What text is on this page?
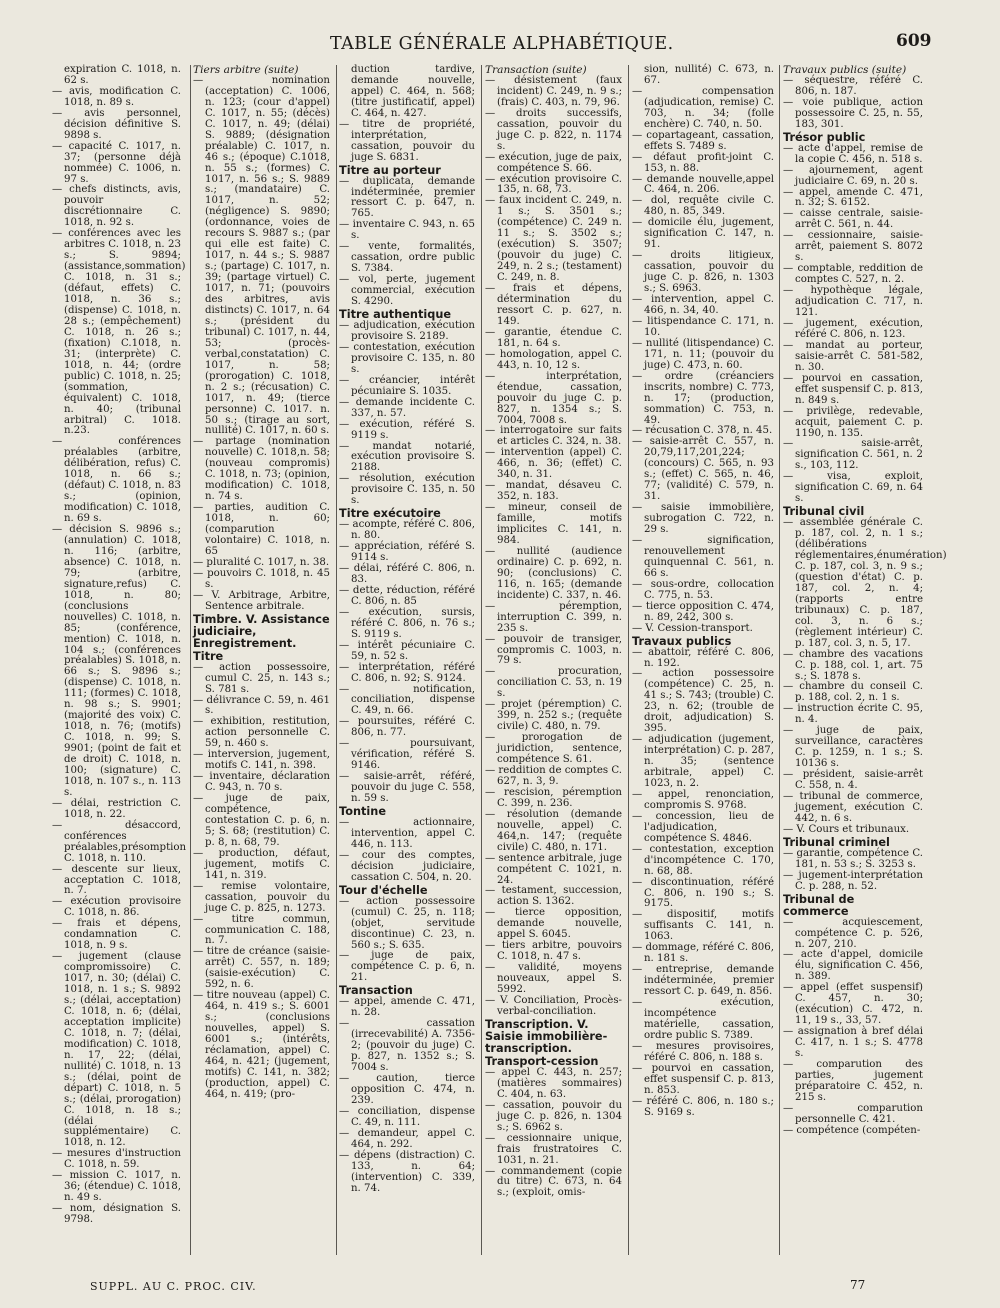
TABLE GÉNÉRALE ALPHABÉTIQUE.	609

expiration C. 1018, n. 62 s.

— avis, modification C. 1018, n. 89 s.

— avis personnel, décision définitive S. 9898 s.

— capacité C. 1017, n. 37; (personne déjà nommée) C. 1006, n. 97 s.

— chefs distincts, avis, pouvoir discrétionnaire C. 1018, n. 92 s.

— conférences avec les arbitres C. 1018, n. 23 s.; S. 9894; (assistance,sommation) C. 1018, n. 31 s.; (défaut, effets) C. 1018, n. 36 s.; (dispense) C. 1018, n. 28 s.; (empêchement) C. 1018, n. 26 s.; (fixation) C.1018, n. 31; (interprète) C. 1018, n. 44; (ordre public) C. 1018, n. 25; (sommation, équivalent) C. 1018, n. 40; (tribunal arbitral) C. 1018. n.23.

— conférences préalables (arbitre, délibération, refus) C. 1018, n. 66 s.; (défaut) C. 1018, n. 83 s.; (opinion, modification) C. 1018, n. 69 s.

— décision S. 9896 s.; (annulation) C. 1018, n. 116; (arbitre, absence) C. 1018, n. 79; (arbitre, signature,refus) C. 1018, n. 80; (conclusions nouvelles) C. 1018, n. 85; (conférence, mention) C. 1018, n. 104 s.; (conférences préalables) S. 1018, n. 66 s.; S. 9896 s.; (dispense) C. 1018, n. 111; (formes) C. 1018, n. 98 s.; S. 9901; (majorité des voix) C. 1018, n. 76; (motifs) C. 1018, n. 99; S. 9901; (point de fait et de droit) C. 1018, n. 100; (signature) C. 1018, n. 107 s., n. 113 s.

— délai, restriction C. 1018, n. 22.

— désaccord, conférences préalables,présomption C. 1018, n. 110.

— descente sur lieux, acceptation C. 1018, n. 7.

— exécution provisoire C. 1018, n. 86.

— frais et dépens, condamnation C. 1018, n. 9 s.

— jugement (clause compromissoire) C. 1017, n. 30; (délai) C. 1018, n. 1 s.; S. 9892 s.; (délai, acceptation) C. 1018, n. 6; (délai, acceptation implicite) C. 1018, n. 7; (délai, modification) C. 1018, n. 17, 22; (délai, nullité) C. 1018, n. 13 s.; (délai, point de départ) C. 1018, n. 5 s.; (délai, prorogation) C. 1018, n. 18 s.; (délai supplémentaire) C. 1018, n. 12.

— mesures d'instruction C. 1018, n. 59.

— mission C. 1017, n. 36; (étendue) C. 1018, n. 49 s.

— nom, désignation S. 9798.

Tiers arbitre (suite)

— nomination (acceptation) C. 1006, n. 123; (cour d'appel) C. 1017, n. 55; (décès) C. 1017, n. 49; (délai) S. 9889; (désignation préalable) C. 1017, n. 46 s.; (époque) C.1018, n. 55 s.; (formes) C. 1017, n. 56 s.; S. 9889 s.; (mandataire) C. 1017, n. 52; (négligence) S. 9890; (ordonnance, voies de recours S. 9887 s.; (par qui elle est faite) C. 1017, n. 44 s.; S. 9887 s.; (partage) C. 1017, n. 39; (partage virtuel) C. 1017, n. 71; (pouvoirs des arbitres, avis distincts) C. 1017, n. 64 s.; (président du tribunal) C. 1017, n. 44, 53; (procès-verbal,constatation) C. 1017, n. 58; (prorogation) C. 1018, n. 2 s.; (récusation) C. 1017, n. 49; (tierce personne) C. 1017. n. 50 s.; (tirage au sort, nullité) C. 1017, n. 60 s.

— partage (nomination nouvelle) C. 1018,n. 58; (nouveau compromis) C. 1018, n. 73; (opinion, modification) C. 1018, n. 74 s.

— parties, audition C. 1018, n. 60; (comparution volontaire) C. 1018, n. 65

— pluralité C. 1017, n. 38.

— pouvoirs C. 1018, n. 45 s.

— V. Arbitrage, Arbitre, Sentence arbitrale.

Timbre. V. Assistance judiciaire, Enregistrement.

Titre

— action possessoire, cumul C. 25, n. 143 s.; S. 781 s.

— délivrance C. 59, n. 461 s.

— exhibition, restitution, action personnelle C. 59, n. 460 s.

— interversion, jugement, motifs C. 141, n. 398.

— inventaire, déclaration C. 943, n. 70 s.

— juge de paix, compétence, contestation C. p. 6, n. 5; S. 68; (restitution) C. p. 8, n. 68, 79.

— production, défaut, jugement, motifs C. 141, n. 319.

— remise volontaire, cassation, pouvoir du juge C. p. 825, n. 1273.

— titre commun, communication C. 188, n. 7.

— titre de créance (saisie-arrêt) C. 557, n. 189; (saisie-exécution) C. 592, n. 6.

— titre nouveau (appel) C. 464, n. 419 s.; S. 6001 s.; (conclusions nouvelles, appel) S. 6001 s.; (intérêts, réclamation, appel) C. 464, n. 421; (jugement, motifs) C. 141, n. 382; (production, appel) C. 464, n. 419; (pro-

duction tardive, demande nouvelle, appel) C. 464, n. 568; (titre justificatif, appel) C. 464, n. 427.

— titre de propriété, interprétation, cassation, pouvoir du juge S. 6831.

Titre au porteur

— duplicata, demande indéterminée, premier ressort C. p. 647, n. 765.

— inventaire C. 943, n. 65 s.

— vente, formalités, cassation, ordre public S. 7384.

— vol, perte, jugement commercial, exécution S. 4290.

Titre authentique

— adjudication, exécution provisoire S. 2189.

— contestation, exécution provisoire C. 135, n. 80 s.

— créancier, intérêt pécuniaire S. 1035.

— demande incidente C. 337, n. 57.

— exécution, référé S. 9119 s.

— mandat notarié, exécution provisoire S. 2188.

— résolution, exécution provisoire C. 135, n. 50 s.

Titre exécutoire

— acompte, référé C. 806, n. 80.

— appréciation, référé S. 9114 s.

— délai, référé C. 806, n. 83.

— dette, réduction, référé C. 806, n. 85

— exécution, sursis, référé C. 806, n. 76 s.; S. 9119 s.

— intérêt pécuniaire C. 59, n. 52 s.

— interprétation, référé C. 806, n. 92; S. 9124.

— notification, conciliation, dispense C. 49, n. 66.

— poursuites, référé C. 806, n. 77.

— poursuivant, vérification, référé S. 9146.

— saisie-arrêt, référé, pouvoir du juge C. 558, n. 59 s.

Tontine

— actionnaire, intervention, appel C. 446, n. 113.

— cour des comptes, décision judiciaire, cassation C. 504, n. 20.

Tour d'échelle

— action possessoire (cumul) C. 25, n. 118; (objet, servitude discontinue) C. 23, n. 560 s.; S. 635.

— juge de paix, compétence C. p. 6, n. 21.

Transaction

— appel, amende C. 471, n. 28.

— cassation (irrecevabilité) A. 7356-2; (pouvoir du juge) C. p. 827, n. 1352 s.; S. 7004 s.

— caution, tierce opposition C. 474, n. 239.

— conciliation, dispense C. 49, n. 111.

— demandeur, appel C. 464, n. 292.

— dépens (distraction) C. 133, n. 64; (intervention) C. 339, n. 74.

Transaction (suite)

— désistement (faux incident) C. 249, n. 9 s.; (frais) C. 403, n. 79, 96.

— droits successifs, cassation, pouvoir du juge C. p. 822, n. 1174 s.

— exécution, juge de paix, compétence S. 66.

— exécution provisoire C. 135, n. 68, 73.

— faux incident C. 249, n. 1 s.; S. 3501 s.; (compétence) C. 249 n. 11 s.; S. 3502 s.; (exécution) S. 3507; (pouvoir du juge) C. 249, n. 2 s.; (testament) C. 249, n. 8.

— frais et dépens, détermination du ressort C. p. 627, n. 149.

— garantie, étendue C. 181, n. 64 s.

— homologation, appel C. 443, n. 10, 12 s.

— interprétation, étendue, cassation, pouvoir du juge C. p. 827, n. 1354 s.; S. 7004, 7008 s.

— interrogatoire sur faits et articles C. 324, n. 38.

— intervention (appel) C. 466, n. 36; (effet) C. 340, n. 31.

— mandat, désaveu C. 352, n. 183.

— mineur, conseil de famille, motifs implicites C. 141, n. 984.

— nullité (audience ordinaire) C. p. 692, n. 90; (conclusions) C. 116, n. 165; (demande incidente) C. 337, n. 46.

— péremption, interruption C. 399, n. 235 s.

— pouvoir de transiger, compromis C. 1003, n. 79 s.

— procuration, conciliation C. 53, n. 19 s.

— projet (péremption) C. 399, n. 252 s.; (requête civile) C. 480, n. 79.

— prorogation de juridiction, sentence, compétence S. 61.

— reddition de comptes C. 627, n. 3, 9.

— rescision, péremption C. 399, n. 236.

— résolution (demande nouvelle, appel) C. 464,n. 147; (requête civile) C. 480, n. 171.

— sentence arbitrale, juge compétent C. 1021, n. 24.

— testament, succession, action S. 1362.

— tierce opposition, demande nouvelle, appel S. 6045.

— tiers arbitre, pouvoirs C. 1018, n. 47 s.

— validité, moyens nouveaux, appel S. 5992.

— V. Conciliation, Procès-verbal-conciliation.

Transcription. V. Saisie immobilière-transcription.

Transport-cession

— appel C. 443, n. 257; (matières sommaires) C. 404, n. 63.

— cassation, pouvoir du juge C. p. 826, n. 1304 s.; S. 6962 s.

— cessionnaire unique, frais frustratoires C. 1031, n. 21.

— commandement (copie du titre) C. 673, n. 64 s.; (exploit, omis-

sion, nullité) C. 673, n. 67.

— compensation (adjudication, remise) C. 703, n. 34; (folle enchère) C. 740, n. 50.

— copartageant, cassation, effets S. 7489 s.

— défaut profit-joint C. 153, n. 88.

— demande nouvelle,appel C. 464, n. 206.

— dol, requête civile C. 480, n. 85, 349.

— domicile élu, jugement, signification C. 147, n. 91.

— droits litigieux, cassation, pouvoir du juge C. p. 826, n. 1303 s.; S. 6963.

— intervention, appel C. 466, n. 34, 40.

— litispendance C. 171, n. 10.

— nullité (litispendance) C. 171, n. 11; (pouvoir du juge) C. 473, n. 60.

— ordre (créanciers inscrits, nombre) C. 773, n. 17; (production, sommation) C. 753, n. 49.

— récusation C. 378, n. 45.

— saisie-arrêt C. 557, n. 20,79,117,201,224; (concours) C. 565, n. 93 s.; (effet) C. 565, n. 46, 77; (validité) C. 579, n. 31.

— saisie immobilière, subrogation C. 722, n. 29 s.

— signification, renouvellement quinquennal C. 561, n. 66 s.

— sous-ordre, collocation C. 775, n. 53.

— tierce opposition C. 474, n. 89, 242, 300 s.

— V. Cession-transport.

Travaux publics

— abattoir, référé C. 806, n. 192.

— action possessoire (compétence) C. 25, n. 41 s.; S. 743; (trouble) C. 23, n. 62; (trouble de droit, adjudication) S. 395.

— adjudication (jugement, interprétation) C. p. 287, n. 35; (sentence arbitrale, appel) C. 1023, n. 2.

— appel, renonciation, compromis S. 9768.

— concession, lieu de l'adjudication, compétence S. 4846.

— contestation, exception d'incompétence C. 170, n. 68, 88.

— discontinuation, référé C. 806, n. 190 s.; S. 9175.

— dispositif, motifs suffisants C. 141, n. 1063.

— dommage, référé C. 806, n. 181 s.

— entreprise, demande indéterminée, premier ressort C. p. 649, n. 856.

— exécution, incompétence matérielle, cassation, ordre public S. 7389.

— mesures provisoires, référé C. 806, n. 188 s.

— pourvoi en cassation, effet suspensif C. p. 813, n. 853.

— référé C. 806, n. 180 s.; S. 9169 s.

Travaux publics (suite)

— séquestre, référé C. 806, n. 187.

— voie publique, action possessoire C. 25, n. 55, 183, 301.

Trésor public

— acte d'appel, remise de la copie C. 456, n. 518 s.

— ajournement, agent judiciaire C. 69, n. 20 s.

— appel, amende C. 471, n. 32; S. 6152.

— caisse centrale, saisie-arrêt C. 561, n. 44.

— cessionnaire, saisie-arrêt, paiement S. 8072 s.

— comptable, reddition de comptes C. 527, n. 2.

— hypothèque légale, adjudication C. 717, n. 121.

— jugement, exécution, référé C. 806, n. 123.

— mandat au porteur, saisie-arrêt C. 581-582, n. 30.

— pourvoi en cassation, effet suspensif C. p. 813, n. 849 s.

— privilège, redevable, acquit, paiement C. p. 1190, n. 135.

— saisie-arrêt, signification C. 561, n. 2 s., 103, 112.

— visa, exploit, signification C. 69, n. 64 s.

Tribunal civil

— assemblée générale C. p. 187, col. 2, n. 1 s.; (délibérations réglementaires,énumération) C. p. 187, col. 3, n. 9 s.; (question d'état) C. p. 187, col. 2, n. 4; (rapports entre tribunaux) C. p. 187, col. 3, n. 6 s.; (règlement intérieur) C. p. 187, col. 3, n. 5, 17.

— chambre des vacations C. p. 188, col. 1, art. 75 s.; S. 1878 s.

— chambre du conseil C. p. 188, col. 2, n. 1 s.

— instruction écrite C. 95, n. 4.

— juge de paix, surveillance, caractères C. p. 1259, n. 1 s.; S. 10136 s.

— président, saisie-arrêt C. 558, n. 4.

— tribunal de commerce, jugement, exécution C. 442, n. 6 s.

— V. Cours et tribunaux.

Tribunal criminel

— garantie, compétence C. 181, n. 53 s.; S. 3253 s.

— jugement-interprétation C. p. 288, n. 52.

Tribunal de commerce

— acquiescement, compétence C. p. 526, n. 207, 210.

— acte d'appel, domicile élu, signification C. 456, n. 389.

— appel (effet suspensif) C. 457, n. 30; (exécution) C. 472, n. 11, 19 s., 33, 57.

— assignation à bref délai C. 417, n. 1 s.; S. 4778 s.

— comparution des parties, jugement préparatoire C. 452, n. 215 s.

— comparution personnelle C. 421.

— compétence (compéten-

SUPPL. AU C. PROC. CIV.	77
